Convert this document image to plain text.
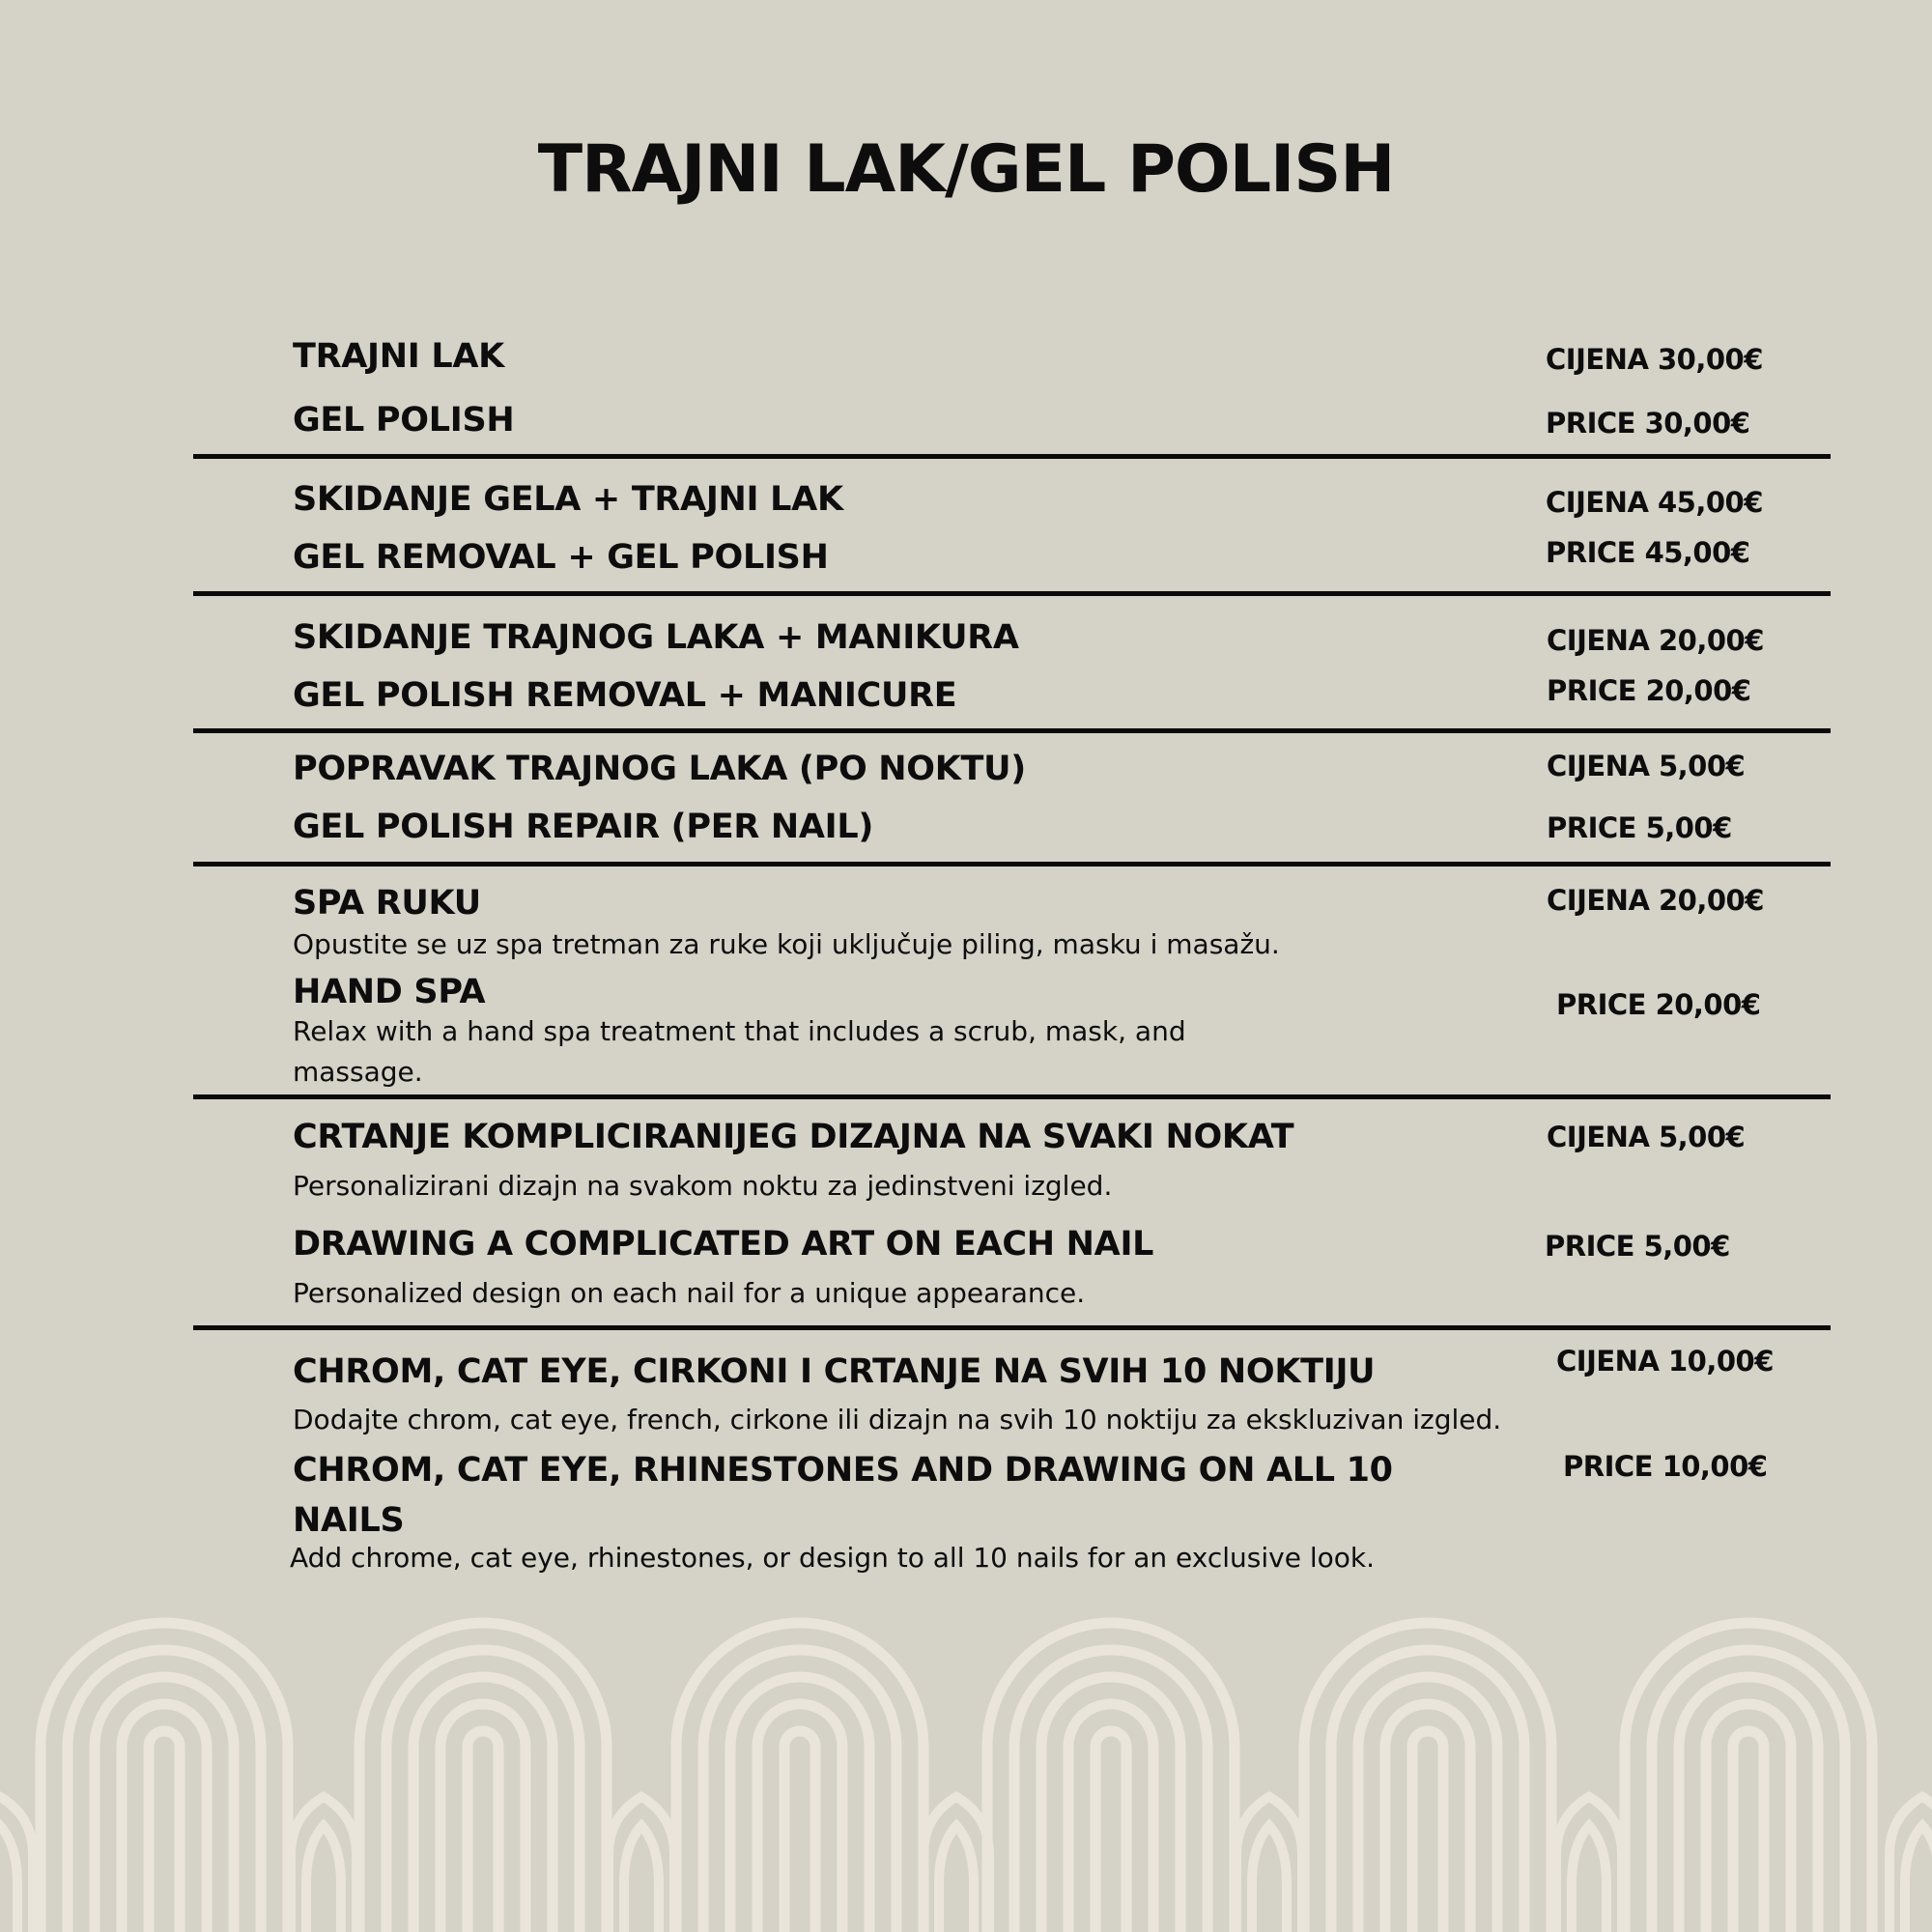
TRAJNI LAK/GEL POLISH
TRAJNI LAK
GEL POLISH
CIJENA 30,00€
PRICE 30,00€
SKIDANJE GELA + TRAJNI LAK
GEL REMOVAL + GEL POLISH
CIJENA 45,00€
PRICE 45,00€
SKIDANJE TRAJNOG LAKA + MANIKURA
GEL POLISH REMOVAL + MANICURE
CIJENA 20,00€
PRICE 20,00€
POPRAVAK TRAJNOG LAKA (PO NOKTU)
GEL POLISH REPAIR (PER NAIL)
CIJENA 5,00€
PRICE 5,00€
SPA RUKU
Opustite se uz spa tretman za ruke koji uključuje piling, masku i masažu.
HAND SPA
Relax with a hand spa treatment that includes a scrub, mask, and
massage.
CIJENA 20,00€
PRICE 20,00€
CRTANJE KOMPLICIRANIJEG DIZAJNA NA SVAKI NOKAT
Personalizirani dizajn na svakom noktu za jedinstveni izgled.
DRAWING A COMPLICATED ART ON EACH NAIL
Personalized design on each nail for a unique appearance.
CIJENA 5,00€
PRICE 5,00€
CHROM, CAT EYE, CIRKONI I CRTANJE NA SVIH 10 NOKTIJU
Dodajte chrom, cat eye, french, cirkone ili dizajn na svih 10 noktiju za ekskluzivan izgled.
CHROM, CAT EYE, RHINESTONES AND DRAWING ON ALL 10
NAILS
Add chrome, cat eye, rhinestones, or design to all 10 nails for an exclusive look.
CIJENA 10,00€
PRICE 10,00€
